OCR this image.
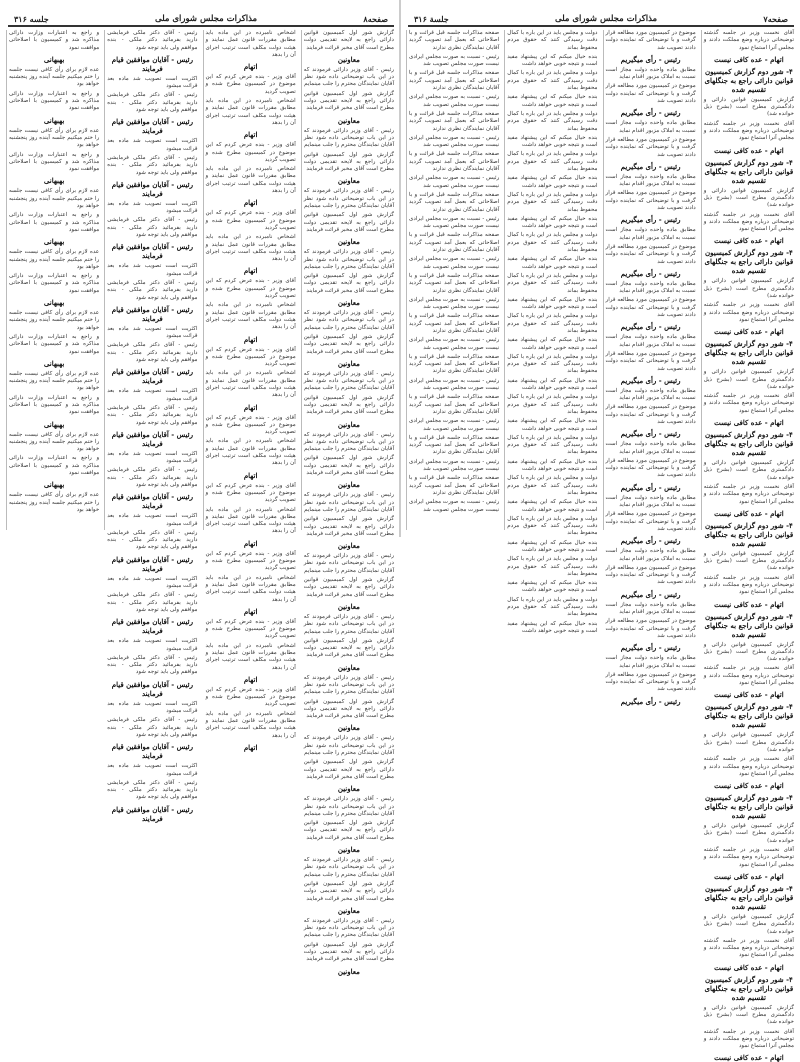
صفحه۸
مذاکرات مجلس شورای ملی
جلسه ۳۱۶

گزارش شور اول کمیسیون قوانین دارائی راجع به لایحه تقدیمی دولت مطرح است آقای مخبر قرائت فرمایند

معاونین

رئیس - آقای وزیر دارائی فرمودند که در این باب توضیحاتی داده شود نظر آقایان نمایندگان محترم را جلب مینمایم

گزارش شور اول کمیسیون قوانین دارائی راجع به لایحه تقدیمی دولت مطرح است آقای مخبر قرائت فرمایند

معاونین

رئیس - آقای وزیر دارائی فرمودند که در این باب توضیحاتی داده شود نظر آقایان نمایندگان محترم را جلب مینمایم

گزارش شور اول کمیسیون قوانین دارائی راجع به لایحه تقدیمی دولت مطرح است آقای مخبر قرائت فرمایند

معاونین

رئیس - آقای وزیر دارائی فرمودند که در این باب توضیحاتی داده شود نظر آقایان نمایندگان محترم را جلب مینمایم

گزارش شور اول کمیسیون قوانین دارائی راجع به لایحه تقدیمی دولت مطرح است آقای مخبر قرائت فرمایند

معاونین

رئیس - آقای وزیر دارائی فرمودند که در این باب توضیحاتی داده شود نظر آقایان نمایندگان محترم را جلب مینمایم

گزارش شور اول کمیسیون قوانین دارائی راجع به لایحه تقدیمی دولت مطرح است آقای مخبر قرائت فرمایند

معاونین

رئیس - آقای وزیر دارائی فرمودند که در این باب توضیحاتی داده شود نظر آقایان نمایندگان محترم را جلب مینمایم

گزارش شور اول کمیسیون قوانین دارائی راجع به لایحه تقدیمی دولت مطرح است آقای مخبر قرائت فرمایند

معاونین

رئیس - آقای وزیر دارائی فرمودند که در این باب توضیحاتی داده شود نظر آقایان نمایندگان محترم را جلب مینمایم

گزارش شور اول کمیسیون قوانین دارائی راجع به لایحه تقدیمی دولت مطرح است آقای مخبر قرائت فرمایند

معاونین

رئیس - آقای وزیر دارائی فرمودند که در این باب توضیحاتی داده شود نظر آقایان نمایندگان محترم را جلب مینمایم

گزارش شور اول کمیسیون قوانین دارائی راجع به لایحه تقدیمی دولت مطرح است آقای مخبر قرائت فرمایند

معاونین

رئیس - آقای وزیر دارائی فرمودند که در این باب توضیحاتی داده شود نظر آقایان نمایندگان محترم را جلب مینمایم

گزارش شور اول کمیسیون قوانین دارائی راجع به لایحه تقدیمی دولت مطرح است آقای مخبر قرائت فرمایند

معاونین

رئیس - آقای وزیر دارائی فرمودند که در این باب توضیحاتی داده شود نظر آقایان نمایندگان محترم را جلب مینمایم

گزارش شور اول کمیسیون قوانین دارائی راجع به لایحه تقدیمی دولت مطرح است آقای مخبر قرائت فرمایند

معاونین

رئیس - آقای وزیر دارائی فرمودند که در این باب توضیحاتی داده شود نظر آقایان نمایندگان محترم را جلب مینمایم

گزارش شور اول کمیسیون قوانین دارائی راجع به لایحه تقدیمی دولت مطرح است آقای مخبر قرائت فرمایند

معاونین

رئیس - آقای وزیر دارائی فرمودند که در این باب توضیحاتی داده شود نظر آقایان نمایندگان محترم را جلب مینمایم

گزارش شور اول کمیسیون قوانین دارائی راجع به لایحه تقدیمی دولت مطرح است آقای مخبر قرائت فرمایند

معاونین

رئیس - آقای وزیر دارائی فرمودند که در این باب توضیحاتی داده شود نظر آقایان نمایندگان محترم را جلب مینمایم

گزارش شور اول کمیسیون قوانین دارائی راجع به لایحه تقدیمی دولت مطرح است آقای مخبر قرائت فرمایند

معاونین

رئیس - آقای وزیر دارائی فرمودند که در این باب توضیحاتی داده شود نظر آقایان نمایندگان محترم را جلب مینمایم

گزارش شور اول کمیسیون قوانین دارائی راجع به لایحه تقدیمی دولت مطرح است آقای مخبر قرائت فرمایند

معاونین

رئیس - آقای وزیر دارائی فرمودند که در این باب توضیحاتی داده شود نظر آقایان نمایندگان محترم را جلب مینمایم

گزارش شور اول کمیسیون قوانین دارائی راجع به لایحه تقدیمی دولت مطرح است آقای مخبر قرائت فرمایند

معاونین

رئیس - آقای وزیر دارائی فرمودند که در این باب توضیحاتی داده شود نظر آقایان نمایندگان محترم را جلب مینمایم

گزارش شور اول کمیسیون قوانین دارائی راجع به لایحه تقدیمی دولت مطرح است آقای مخبر قرائت فرمایند

معاونین

اشخاص نامبرده در این ماده باید مطابق مقررات قانون عمل نمایند و هیئت دولت مکلف است ترتیب اجرای آن را بدهد

اتهام

آقای وزیر - بنده عرض کردم که این موضوع در کمیسیون مطرح شده و تصویب گردید

اشخاص نامبرده در این ماده باید مطابق مقررات قانون عمل نمایند و هیئت دولت مکلف است ترتیب اجرای آن را بدهد

اتهام

آقای وزیر - بنده عرض کردم که این موضوع در کمیسیون مطرح شده و تصویب گردید

اشخاص نامبرده در این ماده باید مطابق مقررات قانون عمل نمایند و هیئت دولت مکلف است ترتیب اجرای آن را بدهد

اتهام

آقای وزیر - بنده عرض کردم که این موضوع در کمیسیون مطرح شده و تصویب گردید

اشخاص نامبرده در این ماده باید مطابق مقررات قانون عمل نمایند و هیئت دولت مکلف است ترتیب اجرای آن را بدهد

اتهام

آقای وزیر - بنده عرض کردم که این موضوع در کمیسیون مطرح شده و تصویب گردید

اشخاص نامبرده در این ماده باید مطابق مقررات قانون عمل نمایند و هیئت دولت مکلف است ترتیب اجرای آن را بدهد

اتهام

آقای وزیر - بنده عرض کردم که این موضوع در کمیسیون مطرح شده و تصویب گردید

اشخاص نامبرده در این ماده باید مطابق مقررات قانون عمل نمایند و هیئت دولت مکلف است ترتیب اجرای آن را بدهد

اتهام

آقای وزیر - بنده عرض کردم که این موضوع در کمیسیون مطرح شده و تصویب گردید

اشخاص نامبرده در این ماده باید مطابق مقررات قانون عمل نمایند و هیئت دولت مکلف است ترتیب اجرای آن را بدهد

اتهام

آقای وزیر - بنده عرض کردم که این موضوع در کمیسیون مطرح شده و تصویب گردید

اشخاص نامبرده در این ماده باید مطابق مقررات قانون عمل نمایند و هیئت دولت مکلف است ترتیب اجرای آن را بدهد

اتهام

آقای وزیر - بنده عرض کردم که این موضوع در کمیسیون مطرح شده و تصویب گردید

اشخاص نامبرده در این ماده باید مطابق مقررات قانون عمل نمایند و هیئت دولت مکلف است ترتیب اجرای آن را بدهد

اتهام

آقای وزیر - بنده عرض کردم که این موضوع در کمیسیون مطرح شده و تصویب گردید

اشخاص نامبرده در این ماده باید مطابق مقررات قانون عمل نمایند و هیئت دولت مکلف است ترتیب اجرای آن را بدهد

اتهام

آقای وزیر - بنده عرض کردم که این موضوع در کمیسیون مطرح شده و تصویب گردید

اشخاص نامبرده در این ماده باید مطابق مقررات قانون عمل نمایند و هیئت دولت مکلف است ترتیب اجرای آن را بدهد

اتهام

رئیس - آقای دکتر ملکی فرمایشی دارید بفرمائید دکتر ملکی - بنده موافقم ولی باید توجه شود

رئیس - آقایان موافقین قیام فرمایند

اکثریت است تصویب شد ماده بعد قرائت میشود

رئیس - آقای دکتر ملکی فرمایشی دارید بفرمائید دکتر ملکی - بنده موافقم ولی باید توجه شود

رئیس - آقایان موافقین قیام فرمایند

اکثریت است تصویب شد ماده بعد قرائت میشود

رئیس - آقای دکتر ملکی فرمایشی دارید بفرمائید دکتر ملکی - بنده موافقم ولی باید توجه شود

رئیس - آقایان موافقین قیام فرمایند

اکثریت است تصویب شد ماده بعد قرائت میشود

رئیس - آقای دکتر ملکی فرمایشی دارید بفرمائید دکتر ملکی - بنده موافقم ولی باید توجه شود

رئیس - آقایان موافقین قیام فرمایند

اکثریت است تصویب شد ماده بعد قرائت میشود

رئیس - آقای دکتر ملکی فرمایشی دارید بفرمائید دکتر ملکی - بنده موافقم ولی باید توجه شود

رئیس - آقایان موافقین قیام فرمایند

اکثریت است تصویب شد ماده بعد قرائت میشود

رئیس - آقای دکتر ملکی فرمایشی دارید بفرمائید دکتر ملکی - بنده موافقم ولی باید توجه شود

رئیس - آقایان موافقین قیام فرمایند

اکثریت است تصویب شد ماده بعد قرائت میشود

رئیس - آقای دکتر ملکی فرمایشی دارید بفرمائید دکتر ملکی - بنده موافقم ولی باید توجه شود

رئیس - آقایان موافقین قیام فرمایند

اکثریت است تصویب شد ماده بعد قرائت میشود

رئیس - آقای دکتر ملکی فرمایشی دارید بفرمائید دکتر ملکی - بنده موافقم ولی باید توجه شود

رئیس - آقایان موافقین قیام فرمایند

اکثریت است تصویب شد ماده بعد قرائت میشود

رئیس - آقای دکتر ملکی فرمایشی دارید بفرمائید دکتر ملکی - بنده موافقم ولی باید توجه شود

رئیس - آقایان موافقین قیام فرمایند

اکثریت است تصویب شد ماده بعد قرائت میشود

رئیس - آقای دکتر ملکی فرمایشی دارید بفرمائید دکتر ملکی - بنده موافقم ولی باید توجه شود

رئیس - آقایان موافقین قیام فرمایند

اکثریت است تصویب شد ماده بعد قرائت میشود

رئیس - آقای دکتر ملکی فرمایشی دارید بفرمائید دکتر ملکی - بنده موافقم ولی باید توجه شود

رئیس - آقایان موافقین قیام فرمایند

اکثریت است تصویب شد ماده بعد قرائت میشود

رئیس - آقای دکتر ملکی فرمایشی دارید بفرمائید دکتر ملکی - بنده موافقم ولی باید توجه شود

رئیس - آقایان موافقین قیام فرمایند

اکثریت است تصویب شد ماده بعد قرائت میشود

رئیس - آقای دکتر ملکی فرمایشی دارید بفرمائید دکتر ملکی - بنده موافقم ولی باید توجه شود

رئیس - آقایان موافقین قیام فرمایند

و راجع به اعتبارات وزارت دارائی مذاکره شد و کمیسیون با اصلاحاتی موافقت نمود

بهبهانی

عده لازم برای رأی کافی نیست جلسه را ختم میکنیم جلسه آینده روز پنجشنبه خواهد بود

و راجع به اعتبارات وزارت دارائی مذاکره شد و کمیسیون با اصلاحاتی موافقت نمود

بهبهانی

عده لازم برای رأی کافی نیست جلسه را ختم میکنیم جلسه آینده روز پنجشنبه خواهد بود

و راجع به اعتبارات وزارت دارائی مذاکره شد و کمیسیون با اصلاحاتی موافقت نمود

بهبهانی

عده لازم برای رأی کافی نیست جلسه را ختم میکنیم جلسه آینده روز پنجشنبه خواهد بود

و راجع به اعتبارات وزارت دارائی مذاکره شد و کمیسیون با اصلاحاتی موافقت نمود

بهبهانی

عده لازم برای رأی کافی نیست جلسه را ختم میکنیم جلسه آینده روز پنجشنبه خواهد بود

و راجع به اعتبارات وزارت دارائی مذاکره شد و کمیسیون با اصلاحاتی موافقت نمود

بهبهانی

عده لازم برای رأی کافی نیست جلسه را ختم میکنیم جلسه آینده روز پنجشنبه خواهد بود

و راجع به اعتبارات وزارت دارائی مذاکره شد و کمیسیون با اصلاحاتی موافقت نمود

بهبهانی

عده لازم برای رأی کافی نیست جلسه را ختم میکنیم جلسه آینده روز پنجشنبه خواهد بود

و راجع به اعتبارات وزارت دارائی مذاکره شد و کمیسیون با اصلاحاتی موافقت نمود

بهبهانی

عده لازم برای رأی کافی نیست جلسه را ختم میکنیم جلسه آینده روز پنجشنبه خواهد بود

و راجع به اعتبارات وزارت دارائی مذاکره شد و کمیسیون با اصلاحاتی موافقت نمود

بهبهانی

عده لازم برای رأی کافی نیست جلسه را ختم میکنیم جلسه آینده روز پنجشنبه خواهد بود

صفحه۷
مذاکرات مجلس شورای ملی
جلسة ۳۱۶

آقای نخست وزیر در جلسه گذشته توضیحاتی درباره وضع مملکت دادند و مجلس آنرا استماع نمود

اتهام - عده کافی نیست
۴- شور دوم گزارش کمیسیون قوانین دارائی راجع به جنگلهای تقسیم شده

گزارش کمیسیون قوانین دارائی و دادگستری مطرح است (بشرح ذیل خوانده شد)

آقای نخست وزیر در جلسه گذشته توضیحاتی درباره وضع مملکت دادند و مجلس آنرا استماع نمود

اتهام - عده کافی نیست
۴- شور دوم گزارش کمیسیون قوانین دارائی راجع به جنگلهای تقسیم شده

گزارش کمیسیون قوانین دارائی و دادگستری مطرح است (بشرح ذیل خوانده شد)

آقای نخست وزیر در جلسه گذشته توضیحاتی درباره وضع مملکت دادند و مجلس آنرا استماع نمود

اتهام - عده کافی نیست
۴- شور دوم گزارش کمیسیون قوانین دارائی راجع به جنگلهای تقسیم شده

گزارش کمیسیون قوانین دارائی و دادگستری مطرح است (بشرح ذیل خوانده شد)

آقای نخست وزیر در جلسه گذشته توضیحاتی درباره وضع مملکت دادند و مجلس آنرا استماع نمود

اتهام - عده کافی نیست
۴- شور دوم گزارش کمیسیون قوانین دارائی راجع به جنگلهای تقسیم شده

گزارش کمیسیون قوانین دارائی و دادگستری مطرح است (بشرح ذیل خوانده شد)

آقای نخست وزیر در جلسه گذشته توضیحاتی درباره وضع مملکت دادند و مجلس آنرا استماع نمود

اتهام - عده کافی نیست
۴- شور دوم گزارش کمیسیون قوانین دارائی راجع به جنگلهای تقسیم شده

گزارش کمیسیون قوانین دارائی و دادگستری مطرح است (بشرح ذیل خوانده شد)

آقای نخست وزیر در جلسه گذشته توضیحاتی درباره وضع مملکت دادند و مجلس آنرا استماع نمود

اتهام - عده کافی نیست
۴- شور دوم گزارش کمیسیون قوانین دارائی راجع به جنگلهای تقسیم شده

گزارش کمیسیون قوانین دارائی و دادگستری مطرح است (بشرح ذیل خوانده شد)

آقای نخست وزیر در جلسه گذشته توضیحاتی درباره وضع مملکت دادند و مجلس آنرا استماع نمود

اتهام - عده کافی نیست
۴- شور دوم گزارش کمیسیون قوانین دارائی راجع به جنگلهای تقسیم شده

گزارش کمیسیون قوانین دارائی و دادگستری مطرح است (بشرح ذیل خوانده شد)

آقای نخست وزیر در جلسه گذشته توضیحاتی درباره وضع مملکت دادند و مجلس آنرا استماع نمود

اتهام - عده کافی نیست
۴- شور دوم گزارش کمیسیون قوانین دارائی راجع به جنگلهای تقسیم شده

گزارش کمیسیون قوانین دارائی و دادگستری مطرح است (بشرح ذیل خوانده شد)

آقای نخست وزیر در جلسه گذشته توضیحاتی درباره وضع مملکت دادند و مجلس آنرا استماع نمود

اتهام - عده کافی نیست
۴- شور دوم گزارش کمیسیون قوانین دارائی راجع به جنگلهای تقسیم شده

گزارش کمیسیون قوانین دارائی و دادگستری مطرح است (بشرح ذیل خوانده شد)

آقای نخست وزیر در جلسه گذشته توضیحاتی درباره وضع مملکت دادند و مجلس آنرا استماع نمود

اتهام - عده کافی نیست
۴- شور دوم گزارش کمیسیون قوانین دارائی راجع به جنگلهای تقسیم شده

گزارش کمیسیون قوانین دارائی و دادگستری مطرح است (بشرح ذیل خوانده شد)

آقای نخست وزیر در جلسه گذشته توضیحاتی درباره وضع مملکت دادند و مجلس آنرا استماع نمود

اتهام - عده کافی نیست
۴- شور دوم گزارش کمیسیون قوانین دارائی راجع به جنگلهای تقسیم شده

گزارش کمیسیون قوانین دارائی و دادگستری مطرح است (بشرح ذیل خوانده شد)

آقای نخست وزیر در جلسه گذشته توضیحاتی درباره وضع مملکت دادند و مجلس آنرا استماع نمود

اتهام - عده کافی نیست

موضوع در کمیسیون مورد مطالعه قرار گرفت و با توضیحاتی که نماینده دولت دادند تصویب شد

رئیس - رأی میگیریم

مطابق ماده واحده دولت مجاز است نسبت به املاک مزبور اقدام نماید

موضوع در کمیسیون مورد مطالعه قرار گرفت و با توضیحاتی که نماینده دولت دادند تصویب شد

رئیس - رأی میگیریم

مطابق ماده واحده دولت مجاز است نسبت به املاک مزبور اقدام نماید

موضوع در کمیسیون مورد مطالعه قرار گرفت و با توضیحاتی که نماینده دولت دادند تصویب شد

رئیس - رأی میگیریم

مطابق ماده واحده دولت مجاز است نسبت به املاک مزبور اقدام نماید

موضوع در کمیسیون مورد مطالعه قرار گرفت و با توضیحاتی که نماینده دولت دادند تصویب شد

رئیس - رأی میگیریم

مطابق ماده واحده دولت مجاز است نسبت به املاک مزبور اقدام نماید

موضوع در کمیسیون مورد مطالعه قرار گرفت و با توضیحاتی که نماینده دولت دادند تصویب شد

رئیس - رأی میگیریم

مطابق ماده واحده دولت مجاز است نسبت به املاک مزبور اقدام نماید

موضوع در کمیسیون مورد مطالعه قرار گرفت و با توضیحاتی که نماینده دولت دادند تصویب شد

رئیس - رأی میگیریم

مطابق ماده واحده دولت مجاز است نسبت به املاک مزبور اقدام نماید

موضوع در کمیسیون مورد مطالعه قرار گرفت و با توضیحاتی که نماینده دولت دادند تصویب شد

رئیس - رأی میگیریم

مطابق ماده واحده دولت مجاز است نسبت به املاک مزبور اقدام نماید

موضوع در کمیسیون مورد مطالعه قرار گرفت و با توضیحاتی که نماینده دولت دادند تصویب شد

رئیس - رأی میگیریم

مطابق ماده واحده دولت مجاز است نسبت به املاک مزبور اقدام نماید

موضوع در کمیسیون مورد مطالعه قرار گرفت و با توضیحاتی که نماینده دولت دادند تصویب شد

رئیس - رأی میگیریم

مطابق ماده واحده دولت مجاز است نسبت به املاک مزبور اقدام نماید

موضوع در کمیسیون مورد مطالعه قرار گرفت و با توضیحاتی که نماینده دولت دادند تصویب شد

رئیس - رأی میگیریم

مطابق ماده واحده دولت مجاز است نسبت به املاک مزبور اقدام نماید

موضوع در کمیسیون مورد مطالعه قرار گرفت و با توضیحاتی که نماینده دولت دادند تصویب شد

رئیس - رأی میگیریم

مطابق ماده واحده دولت مجاز است نسبت به املاک مزبور اقدام نماید

موضوع در کمیسیون مورد مطالعه قرار گرفت و با توضیحاتی که نماینده دولت دادند تصویب شد

رئیس - رأی میگیریم

مطابق ماده واحده دولت مجاز است نسبت به املاک مزبور اقدام نماید

موضوع در کمیسیون مورد مطالعه قرار گرفت و با توضیحاتی که نماینده دولت دادند تصویب شد

رئیس - رأی میگیریم

دولت و مجلس باید در این باره با کمال دقت رسیدگی کنند که حقوق مردم محفوظ بماند

بنده خیال میکنم که این پیشنهاد مفید است و نتیجه خوبی خواهد داشت

دولت و مجلس باید در این باره با کمال دقت رسیدگی کنند که حقوق مردم محفوظ بماند

بنده خیال میکنم که این پیشنهاد مفید است و نتیجه خوبی خواهد داشت

دولت و مجلس باید در این باره با کمال دقت رسیدگی کنند که حقوق مردم محفوظ بماند

بنده خیال میکنم که این پیشنهاد مفید است و نتیجه خوبی خواهد داشت

دولت و مجلس باید در این باره با کمال دقت رسیدگی کنند که حقوق مردم محفوظ بماند

بنده خیال میکنم که این پیشنهاد مفید است و نتیجه خوبی خواهد داشت

دولت و مجلس باید در این باره با کمال دقت رسیدگی کنند که حقوق مردم محفوظ بماند

بنده خیال میکنم که این پیشنهاد مفید است و نتیجه خوبی خواهد داشت

دولت و مجلس باید در این باره با کمال دقت رسیدگی کنند که حقوق مردم محفوظ بماند

بنده خیال میکنم که این پیشنهاد مفید است و نتیجه خوبی خواهد داشت

دولت و مجلس باید در این باره با کمال دقت رسیدگی کنند که حقوق مردم محفوظ بماند

بنده خیال میکنم که این پیشنهاد مفید است و نتیجه خوبی خواهد داشت

دولت و مجلس باید در این باره با کمال دقت رسیدگی کنند که حقوق مردم محفوظ بماند

بنده خیال میکنم که این پیشنهاد مفید است و نتیجه خوبی خواهد داشت

دولت و مجلس باید در این باره با کمال دقت رسیدگی کنند که حقوق مردم محفوظ بماند

بنده خیال میکنم که این پیشنهاد مفید است و نتیجه خوبی خواهد داشت

دولت و مجلس باید در این باره با کمال دقت رسیدگی کنند که حقوق مردم محفوظ بماند

بنده خیال میکنم که این پیشنهاد مفید است و نتیجه خوبی خواهد داشت

دولت و مجلس باید در این باره با کمال دقت رسیدگی کنند که حقوق مردم محفوظ بماند

بنده خیال میکنم که این پیشنهاد مفید است و نتیجه خوبی خواهد داشت

دولت و مجلس باید در این باره با کمال دقت رسیدگی کنند که حقوق مردم محفوظ بماند

بنده خیال میکنم که این پیشنهاد مفید است و نتیجه خوبی خواهد داشت

دولت و مجلس باید در این باره با کمال دقت رسیدگی کنند که حقوق مردم محفوظ بماند

بنده خیال میکنم که این پیشنهاد مفید است و نتیجه خوبی خواهد داشت

دولت و مجلس باید در این باره با کمال دقت رسیدگی کنند که حقوق مردم محفوظ بماند

بنده خیال میکنم که این پیشنهاد مفید است و نتیجه خوبی خواهد داشت

دولت و مجلس باید در این باره با کمال دقت رسیدگی کنند که حقوق مردم محفوظ بماند

بنده خیال میکنم که این پیشنهاد مفید است و نتیجه خوبی خواهد داشت

صفحه مذاکرات جلسه قبل قرائت و با اصلاحاتی که بعمل آمد تصویب گردید آقایان نمایندگان نظری ندارند

رئیس - نسبت به صورت مجلس ایرادی نیست صورت مجلس تصویب شد

صفحه مذاکرات جلسه قبل قرائت و با اصلاحاتی که بعمل آمد تصویب گردید آقایان نمایندگان نظری ندارند

رئیس - نسبت به صورت مجلس ایرادی نیست صورت مجلس تصویب شد

صفحه مذاکرات جلسه قبل قرائت و با اصلاحاتی که بعمل آمد تصویب گردید آقایان نمایندگان نظری ندارند

رئیس - نسبت به صورت مجلس ایرادی نیست صورت مجلس تصویب شد

صفحه مذاکرات جلسه قبل قرائت و با اصلاحاتی که بعمل آمد تصویب گردید آقایان نمایندگان نظری ندارند

رئیس - نسبت به صورت مجلس ایرادی نیست صورت مجلس تصویب شد

صفحه مذاکرات جلسه قبل قرائت و با اصلاحاتی که بعمل آمد تصویب گردید آقایان نمایندگان نظری ندارند

رئیس - نسبت به صورت مجلس ایرادی نیست صورت مجلس تصویب شد

صفحه مذاکرات جلسه قبل قرائت و با اصلاحاتی که بعمل آمد تصویب گردید آقایان نمایندگان نظری ندارند

رئیس - نسبت به صورت مجلس ایرادی نیست صورت مجلس تصویب شد

صفحه مذاکرات جلسه قبل قرائت و با اصلاحاتی که بعمل آمد تصویب گردید آقایان نمایندگان نظری ندارند

رئیس - نسبت به صورت مجلس ایرادی نیست صورت مجلس تصویب شد

صفحه مذاکرات جلسه قبل قرائت و با اصلاحاتی که بعمل آمد تصویب گردید آقایان نمایندگان نظری ندارند

رئیس - نسبت به صورت مجلس ایرادی نیست صورت مجلس تصویب شد

صفحه مذاکرات جلسه قبل قرائت و با اصلاحاتی که بعمل آمد تصویب گردید آقایان نمایندگان نظری ندارند

رئیس - نسبت به صورت مجلس ایرادی نیست صورت مجلس تصویب شد

صفحه مذاکرات جلسه قبل قرائت و با اصلاحاتی که بعمل آمد تصویب گردید آقایان نمایندگان نظری ندارند

رئیس - نسبت به صورت مجلس ایرادی نیست صورت مجلس تصویب شد

صفحه مذاکرات جلسه قبل قرائت و با اصلاحاتی که بعمل آمد تصویب گردید آقایان نمایندگان نظری ندارند

رئیس - نسبت به صورت مجلس ایرادی نیست صورت مجلس تصویب شد

صفحه مذاکرات جلسه قبل قرائت و با اصلاحاتی که بعمل آمد تصویب گردید آقایان نمایندگان نظری ندارند

رئیس - نسبت به صورت مجلس ایرادی نیست صورت مجلس تصویب شد
